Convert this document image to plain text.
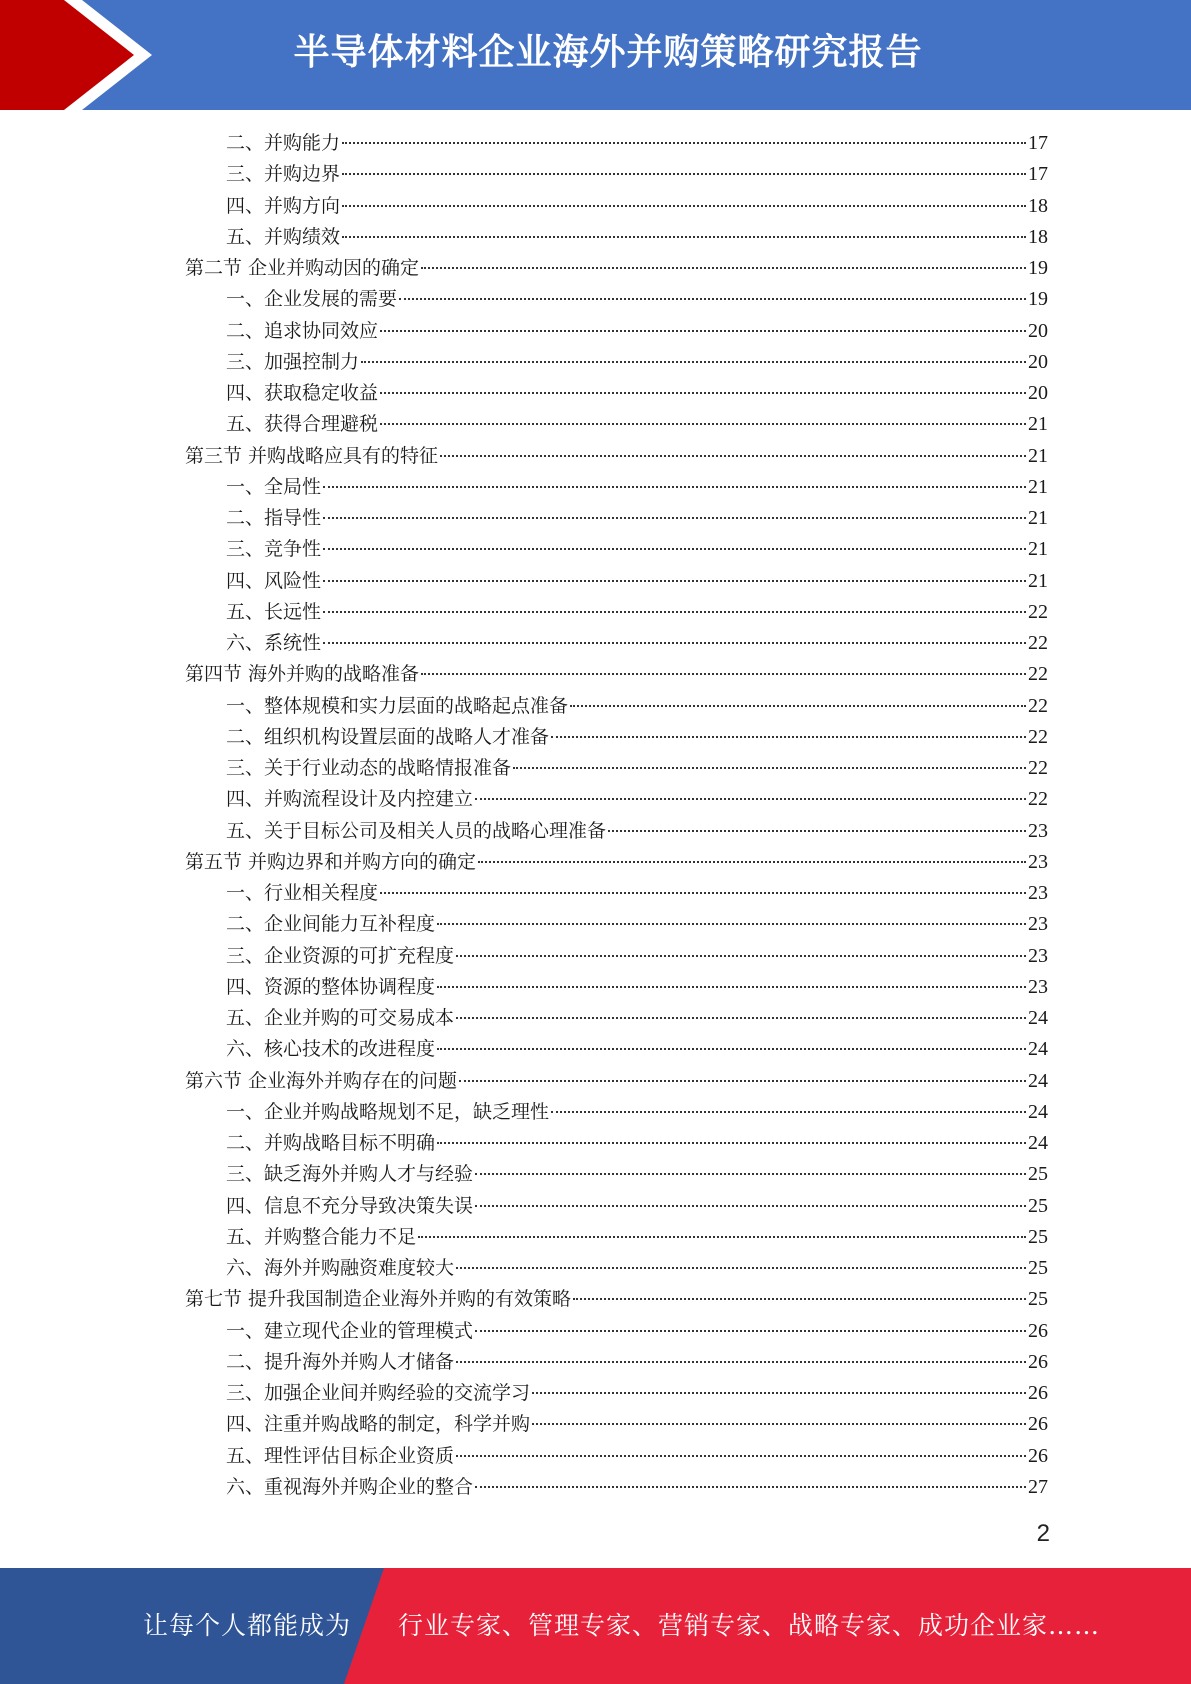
半导体材料企业海外并购策略研究报告
二、并购能力	17
三、并购边界	17
四、并购方向	18
五、并购绩效	18
第二节 企业并购动因的确定	19
一、企业发展的需要	19
二、追求协同效应	20
三、加强控制力	20
四、获取稳定收益	20
五、获得合理避税	21
第三节 并购战略应具有的特征	21
一、全局性	21
二、指导性	21
三、竞争性	21
四、风险性	21
五、长远性	22
六、系统性	22
第四节 海外并购的战略准备	22
一、整体规模和实力层面的战略起点准备	22
二、组织机构设置层面的战略人才准备	22
三、关于行业动态的战略情报准备	22
四、并购流程设计及内控建立	22
五、关于目标公司及相关人员的战略心理准备	23
第五节 并购边界和并购方向的确定	23
一、行业相关程度	23
二、企业间能力互补程度	23
三、企业资源的可扩充程度	23
四、资源的整体协调程度	23
五、企业并购的可交易成本	24
六、核心技术的改进程度	24
第六节 企业海外并购存在的问题	24
一、企业并购战略规划不足，缺乏理性	24
二、并购战略目标不明确	24
三、缺乏海外并购人才与经验	25
四、信息不充分导致决策失误	25
五、并购整合能力不足	25
六、海外并购融资难度较大	25
第七节 提升我国制造企业海外并购的有效策略	25
一、建立现代企业的管理模式	26
二、提升海外并购人才储备	26
三、加强企业间并购经验的交流学习	26
四、注重并购战略的制定，科学并购	26
五、理性评估目标企业资质	26
六、重视海外并购企业的整合	27
2
让每个人都能成为 行业专家、管理专家、营销专家、战略专家、成功企业家……
